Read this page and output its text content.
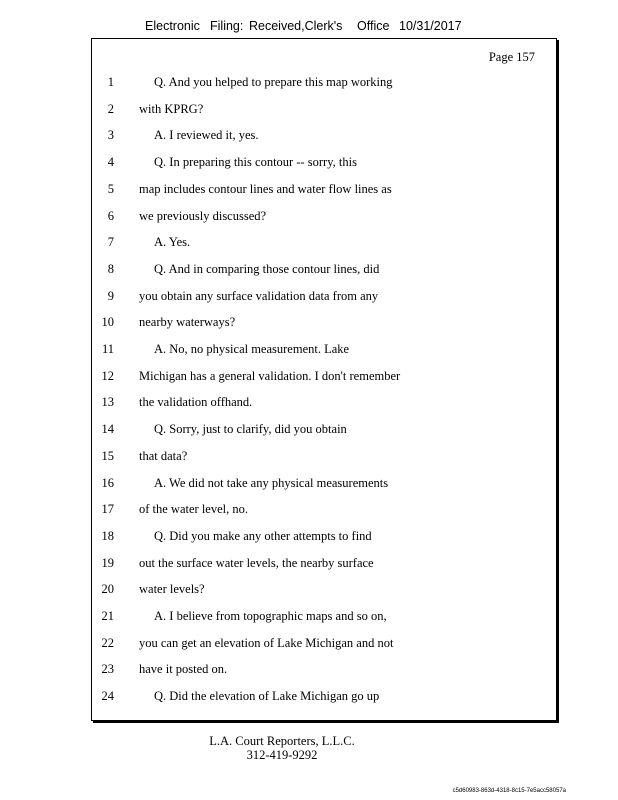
Electronic Filing: Received,Clerk's Office 10/31/2017
Page 157
1	Q. And you helped to prepare this map working
2 with KPRG?
3	A. I reviewed it, yes.
4	Q. In preparing this contour -- sorry, this
5 map includes contour lines and water flow lines as
6 we previously discussed?
7	A. Yes.
8	Q. And in comparing those contour lines, did
9 you obtain any surface validation data from any
10 nearby waterways?
11	A. No, no physical measurement. Lake
12 Michigan has a general validation. I don't remember
13 the validation offhand.
14	Q. Sorry, just to clarify, did you obtain
15 that data?
16	A. We did not take any physical measurements
17 of the water level, no.
18	Q. Did you make any other attempts to find
19 out the surface water levels, the nearby surface
20 water levels?
21	A. I believe from topographic maps and so on,
22 you can get an elevation of Lake Michigan and not
23 have it posted on.
24	Q. Did the elevation of Lake Michigan go up
L.A. Court Reporters, L.L.C.
312-419-9292
c5d60983-863d-4318-8c15-7e5acc58057a
